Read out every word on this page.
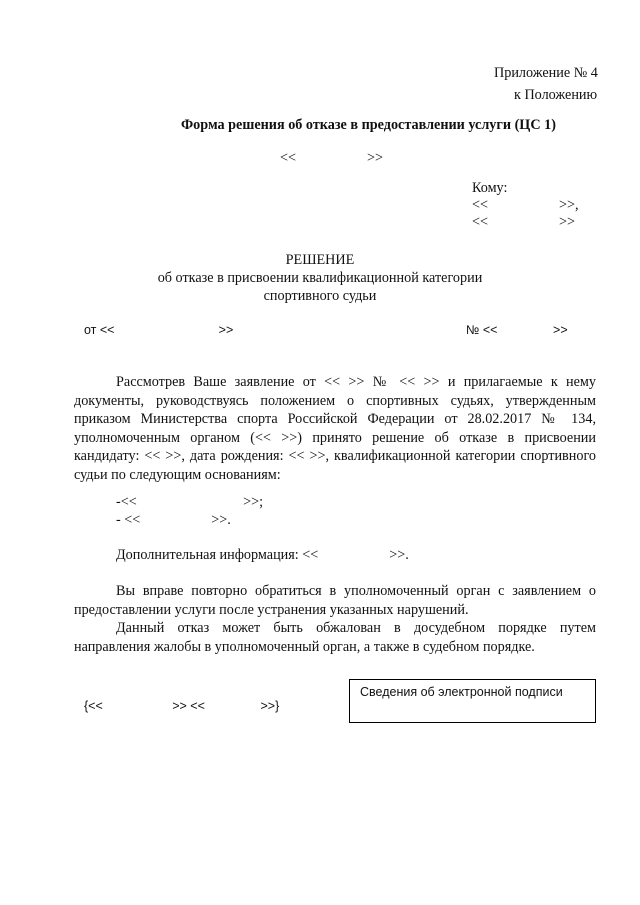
Приложение № 4
к Положению
Форма решения об отказе в предоставлении услуги (ЦС 1)
<<                    >>
Кому:
<<                    >>,
<<                    >>
РЕШЕНИЕ
об отказе в присвоении квалификационной категории
спортивного судьи
от <<                              >>	№ <<                >>

Рассмотрев Ваше заявление от << >> № << >> и прилагаемые к нему документы, руководствуясь положением о спортивных судьях, утвержденным приказом Министерства спорта Российской Федерации от 28.02.2017 № 134, уполномоченным органом (<< >>) принято решение об отказе в присвоении кандидату: << >>, дата рождения: << >>, квалификационной категории спортивного судьи по следующим основаниям:

-<<                              >>;
- <<                    >>.
Дополнительная информация: <<                    >>.

Вы вправе повторно обратиться в уполномоченный орган с заявлением о предоставлении услуги после устранения указанных нарушений.

Данный отказ может быть обжалован в досудебном порядке путем направления жалобы в уполномоченный орган, а также в судебном порядке.

{<<                    >> <<                >>}
Сведения об электронной подписи
